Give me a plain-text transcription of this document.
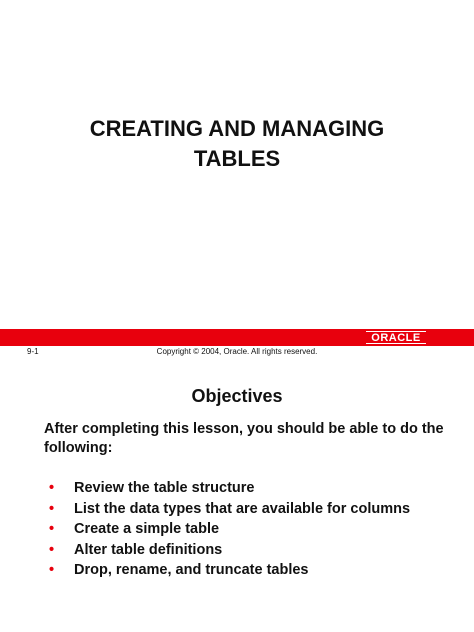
CREATING AND MANAGING
TABLES
ORACLE
9-1	Copyright © 2004, Oracle. All rights reserved.
Objectives
After completing this lesson, you should be able to do the following:
• Review the table structure
• List the data types that are available for columns
• Create a simple table
• Alter table definitions
• Drop, rename, and truncate tables
